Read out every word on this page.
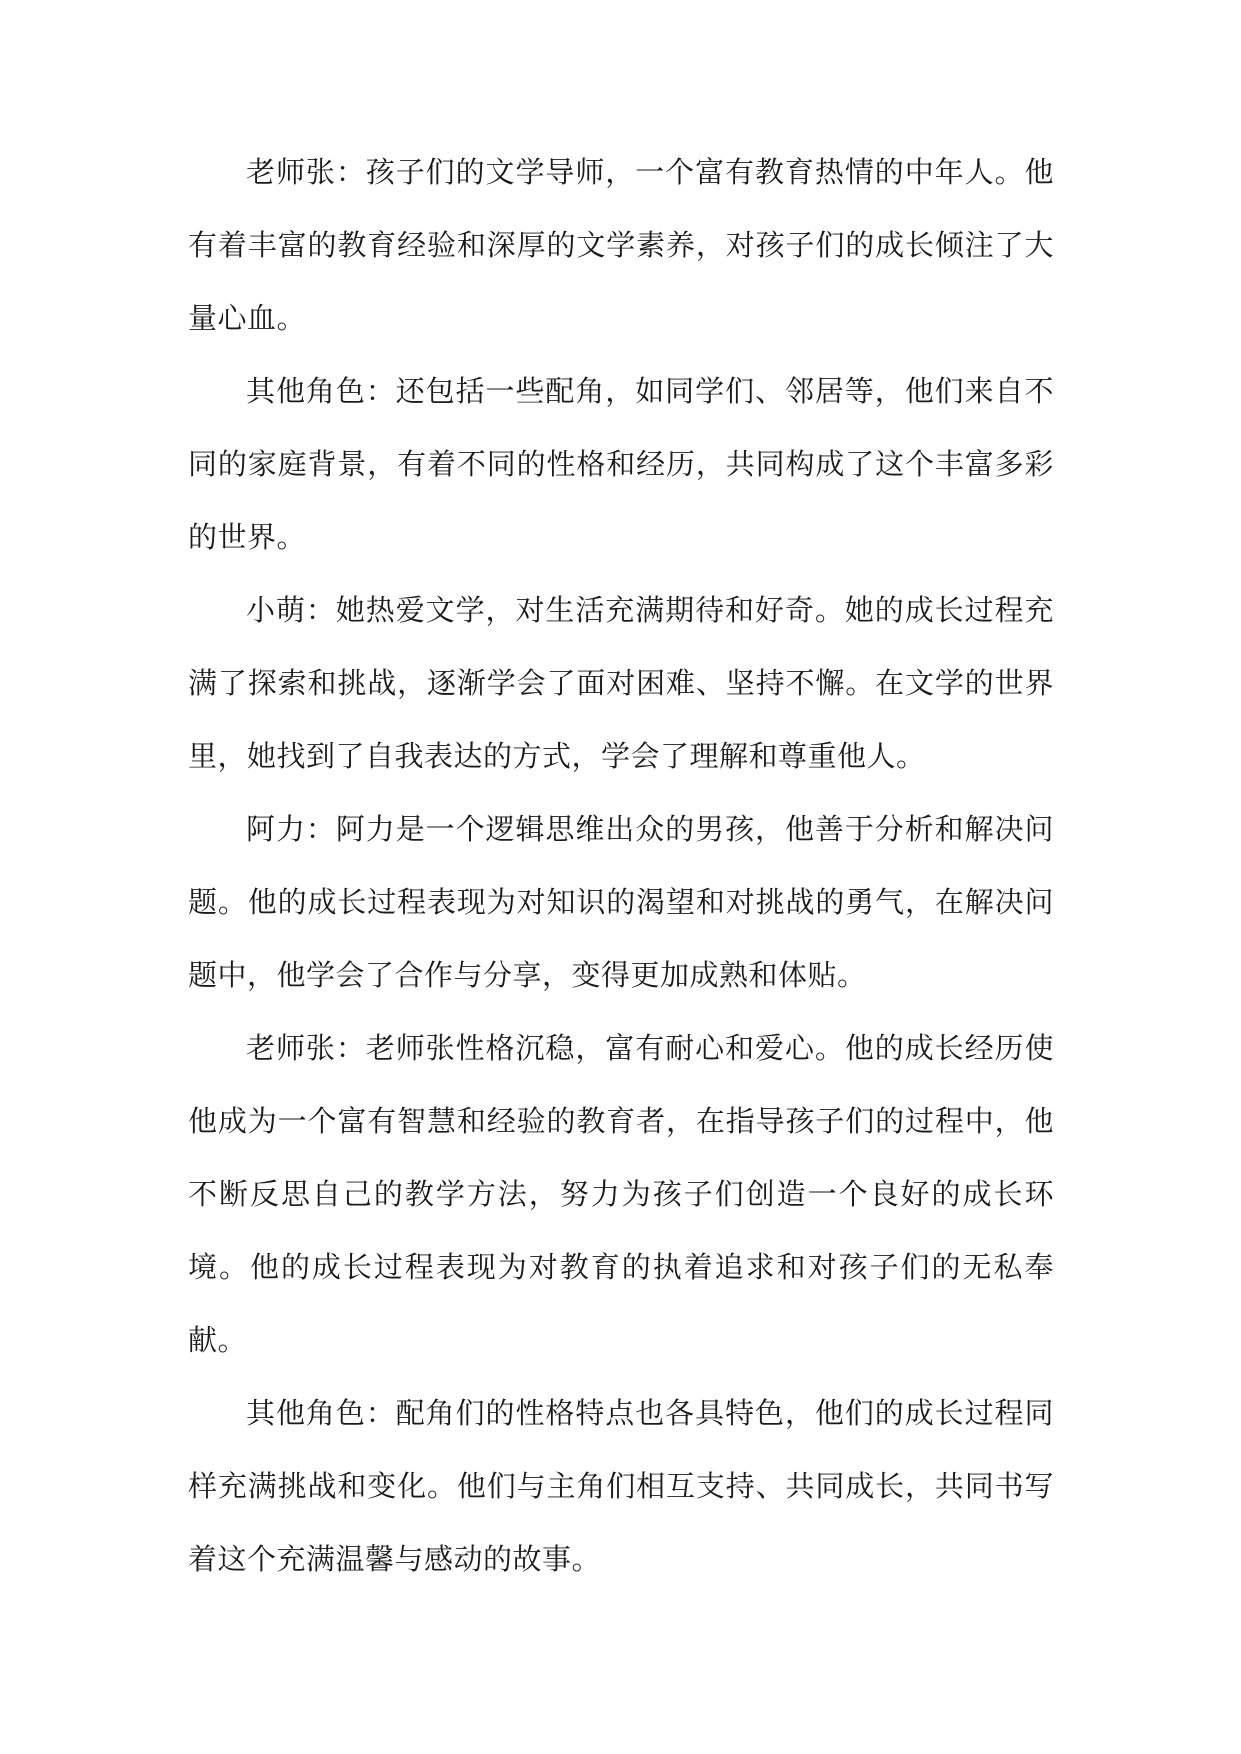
老师张：孩子们的文学导师，一个富有教育热情的中年人。他有着丰富的教育经验和深厚的文学素养，对孩子们的成长倾注了大量心血。

其他角色：还包括一些配角，如同学们、邻居等，他们来自不同的家庭背景，有着不同的性格和经历，共同构成了这个丰富多彩的世界。

小萌：她热爱文学，对生活充满期待和好奇。她的成长过程充满了探索和挑战，逐渐学会了面对困难、坚持不懈。在文学的世界里，她找到了自我表达的方式，学会了理解和尊重他人。

阿力：阿力是一个逻辑思维出众的男孩，他善于分析和解决问题。他的成长过程表现为对知识的渴望和对挑战的勇气，在解决问题中，他学会了合作与分享，变得更加成熟和体贴。

老师张：老师张性格沉稳，富有耐心和爱心。他的成长经历使他成为一个富有智慧和经验的教育者，在指导孩子们的过程中，他不断反思自己的教学方法，努力为孩子们创造一个良好的成长环境。他的成长过程表现为对教育的执着追求和对孩子们的无私奉献。

其他角色：配角们的性格特点也各具特色，他们的成长过程同样充满挑战和变化。他们与主角们相互支持、共同成长，共同书写着这个充满温馨与感动的故事。
